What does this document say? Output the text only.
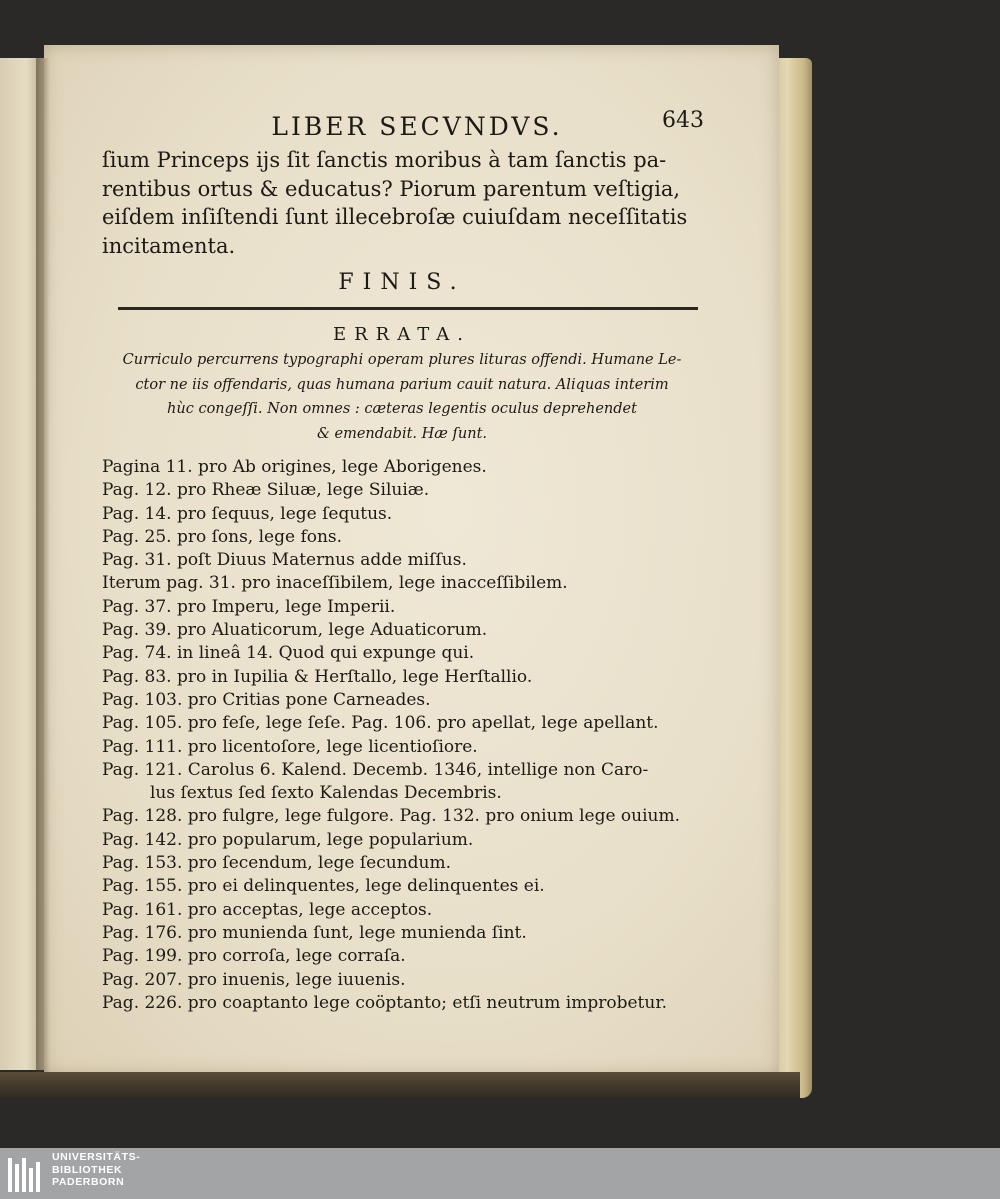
LIBER SECVNDVS.	643
ſium Princeps ijs ſit ſanctis moribus à tam ſanctis pa-
rentibus ortus & educatus? Piorum parentum veſtigia,
eiſdem inſiſtendi ſunt illecebroſæ cuiuſdam neceſſitatis
incitamenta.
FINIS.
ERRATA.
Curriculo percurrens typographi operam plures lituras offendi. Humane Le-
ctor ne iis offendaris, quas humana parium cauit natura. Aliquas interim
hùc congeſſi. Non omnes : cæteras legentis oculus deprehendet
& emendabit. Hæ ſunt.
Pagina 11. pro Ab origines, lege Aborigenes.
Pag. 12. pro Rheæ Siluæ, lege Siluiæ.
Pag. 14. pro ſequus, lege ſequtus.
Pag. 25. pro ſons, lege fons.
Pag. 31. poſt Diuus Maternus adde miſſus.
Iterum pag. 31. pro inaceſſibilem, lege inacceſſibilem.
Pag. 37. pro Imperu, lege Imperii.
Pag. 39. pro Aluaticorum, lege Aduaticorum.
Pag. 74. in lineâ 14. Quod qui expunge qui.
Pag. 83. pro in Iupilia & Herſtallo, lege Herſtallio.
Pag. 103. pro Critias pone Carneades.
Pag. 105. pro feſe, lege ſeſe. Pag. 106. pro apellat, lege apellant.
Pag. 111. pro licentoſore, lege licentioſiore.
Pag. 121. Carolus 6. Kalend. Decemb. 1346, intellige non Caro-
lus ſextus ſed ſexto Kalendas Decembris.
Pag. 128. pro fulgre, lege fulgore. Pag. 132. pro onium lege ouium.
Pag. 142. pro popularum, lege popularium.
Pag. 153. pro ſecendum, lege ſecundum.
Pag. 155. pro ei delinquentes, lege delinquentes ei.
Pag. 161. pro acceptas, lege acceptos.
Pag. 176. pro munienda ſunt, lege munienda ſint.
Pag. 199. pro corroſa, lege corraſa.
Pag. 207. pro inuenis, lege iuuenis.
Pag. 226. pro coaptanto lege coöptanto; etſi neutrum improbetur.
UNIVERSITÄTS-
BIBLIOTHEK
PADERBORN
